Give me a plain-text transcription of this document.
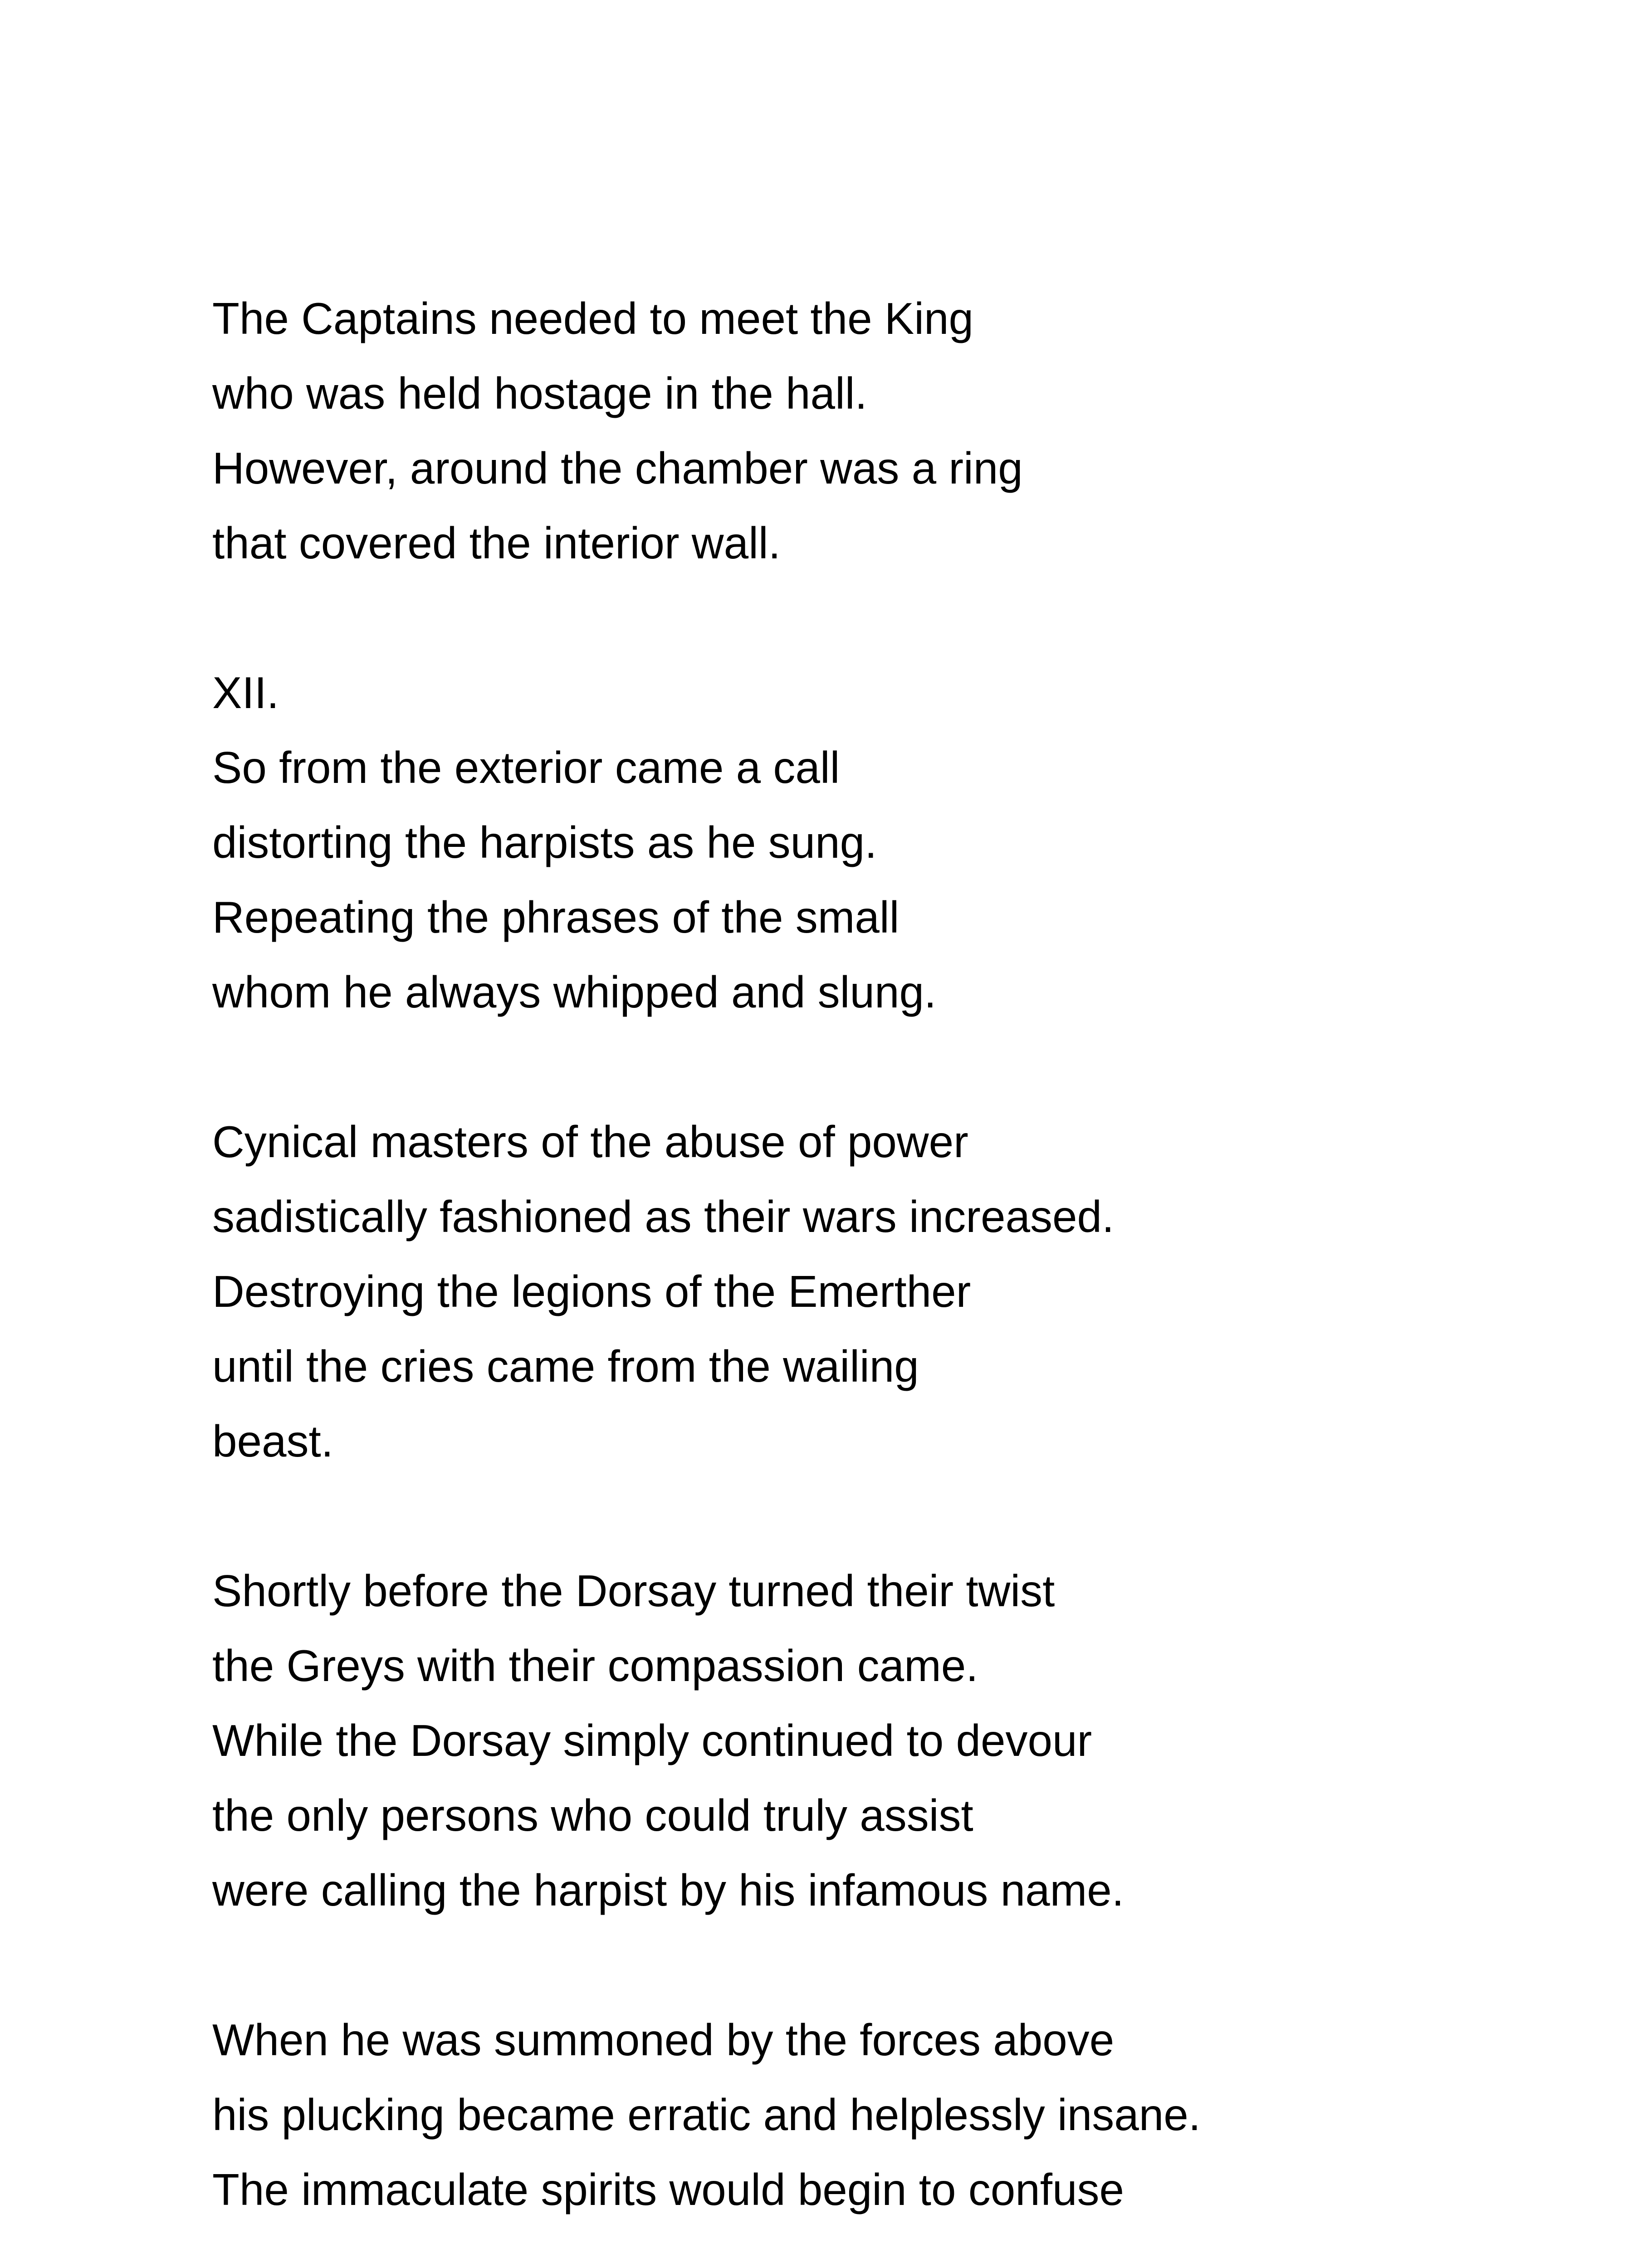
The Captains needed to meet the King
who was held hostage in the hall.
However, around the chamber was a ring
that covered the interior wall.
XII.
So from the exterior came a call
distorting the harpists as he sung.
Repeating the phrases of the small
whom he always whipped and slung.
Cynical masters of the abuse of power
sadistically fashioned as their wars increased.
Destroying the legions of the Emerther
until the cries came from the wailing
beast.
Shortly before the Dorsay turned their twist
the Greys with their compassion came.
While the Dorsay simply continued to devour
the only persons who could truly assist
were calling the harpist by his infamous name.
When he was summoned by the forces above
his plucking became erratic and helplessly insane.
The immaculate spirits would begin to confuse
